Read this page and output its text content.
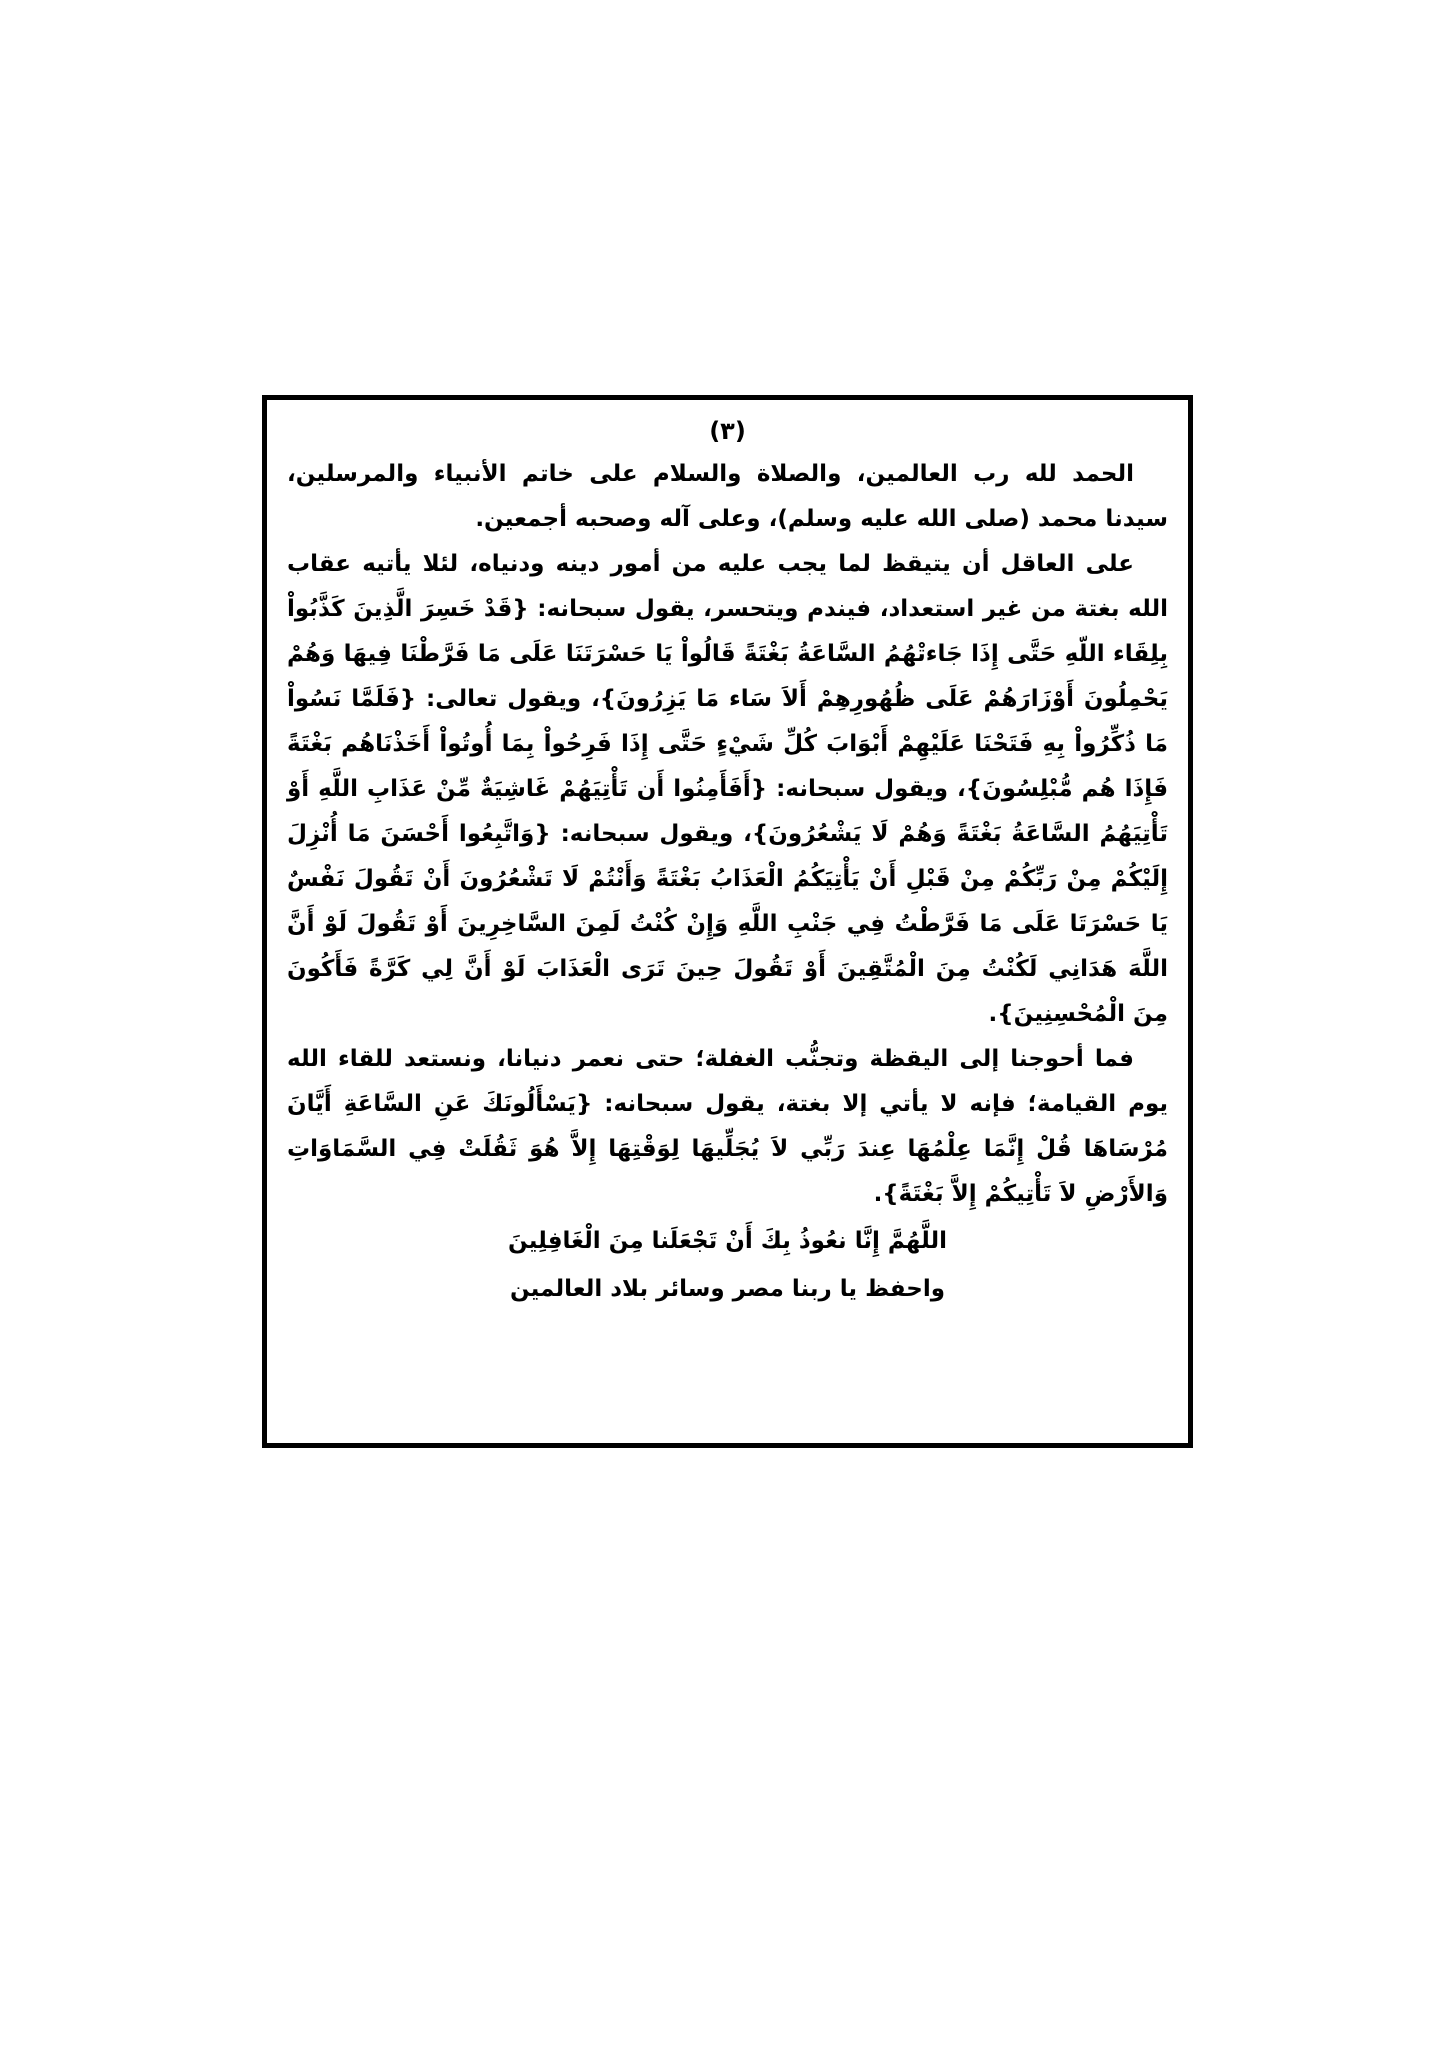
(٣)

الحمد لله رب العالمين، والصلاة والسلام على خاتم الأنبياء والمرسلين، سيدنا محمد (صلى الله عليه وسلم)، وعلى آله وصحبه أجمعين.

على العاقل أن يتيقظ لما يجب عليه من أمور دينه ودنياه، لئلا يأتيه عقاب الله بغتة من غير استعداد، فيندم ويتحسر، يقول سبحانه: {قَدْ خَسِرَ الَّذِينَ كَذَّبُواْ بِلِقَاء اللّهِ حَتَّى إِذَا جَاءتْهُمُ السَّاعَةُ بَغْتَةً قَالُواْ يَا حَسْرَتَنَا عَلَى مَا فَرَّطْنَا فِيهَا وَهُمْ يَحْمِلُونَ أَوْزَارَهُمْ عَلَى ظُهُورِهِمْ أَلاَ سَاء مَا يَزِرُونَ}، ويقول تعالى: {فَلَمَّا نَسُواْ مَا ذُكِّرُواْ بِهِ فَتَحْنَا عَلَيْهِمْ أَبْوَابَ كُلِّ شَيْءٍ حَتَّى إِذَا فَرِحُواْ بِمَا أُوتُواْ أَخَذْنَاهُم بَغْتَةً فَإِذَا هُم مُّبْلِسُونَ}، ويقول سبحانه: {أَفَأَمِنُوا أَن تَأْتِيَهُمْ غَاشِيَةٌ مِّنْ عَذَابِ اللَّهِ أَوْ تَأْتِيَهُمُ السَّاعَةُ بَغْتَةً وَهُمْ لَا يَشْعُرُونَ}، ويقول سبحانه: {وَاتَّبِعُوا أَحْسَنَ مَا أُنْزِلَ إِلَيْكُمْ مِنْ رَبِّكُمْ مِنْ قَبْلِ أَنْ يَأْتِيَكُمُ الْعَذَابُ بَغْتَةً وَأَنْتُمْ لَا تَشْعُرُونَ أَنْ تَقُولَ نَفْسٌ يَا حَسْرَتَا عَلَى مَا فَرَّطْتُ فِي جَنْبِ اللَّهِ وَإِنْ كُنْتُ لَمِنَ السَّاخِرِينَ أَوْ تَقُولَ لَوْ أَنَّ اللَّهَ هَدَانِي لَكُنْتُ مِنَ الْمُتَّقِينَ أَوْ تَقُولَ حِينَ تَرَى الْعَذَابَ لَوْ أَنَّ لِي كَرَّةً فَأَكُونَ مِنَ الْمُحْسِنِينَ}.

فما أحوجنا إلى اليقظة وتجنُّب الغفلة؛ حتى نعمر دنيانا، ونستعد للقاء الله يوم القيامة؛ فإنه لا يأتي إلا بغتة، يقول سبحانه: {يَسْأَلُونَكَ عَنِ السَّاعَةِ أَيَّانَ مُرْسَاهَا قُلْ إِنَّمَا عِلْمُهَا عِندَ رَبِّي لاَ يُجَلِّيهَا لِوَقْتِهَا إِلاَّ هُوَ ثَقُلَتْ فِي السَّمَاوَاتِ وَالأَرْضِ لاَ تَأْتِيكُمْ إِلاَّ بَغْتَةً}.

اللَّهُمَّ إِنَّا نعُوذُ بِكَ أَنْ تَجْعَلَنا مِنَ الْغَافِلِينَ

واحفظ يا ربنا مصر وسائر بلاد العالمين
